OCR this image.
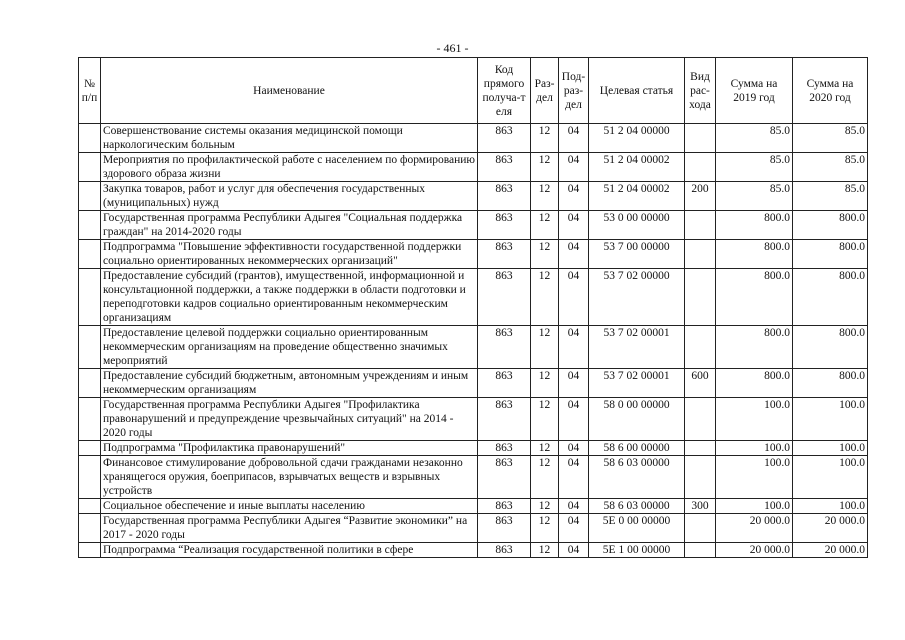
- 461 -
№ п/п	Наименование	Код прямого получа-т еля	Раз- дел	Под- раз- дел	Целевая статья	Вид рас- хода	Сумма на 2019 год	Сумма на 2020 год
	Совершенствование системы оказания медицинской помощи наркологическим больным	863	12	04	51 2 04 00000		85.0	85.0
	Мероприятия по профилактической работе с населением по формированию здорового образа жизни	863	12	04	51 2 04 00002		85.0	85.0
	Закупка товаров, работ и услуг для обеспечения государственных (муниципальных) нужд	863	12	04	51 2 04 00002	200	85.0	85.0
	Государственная программа Республики Адыгея "Социальная поддержка граждан" на 2014-2020 годы	863	12	04	53 0 00 00000		800.0	800.0
	Подпрограмма "Повышение эффективности государственной поддержки социально ориентированных некоммерческих организаций"	863	12	04	53 7 00 00000		800.0	800.0
	Предоставление субсидий (грантов), имущественной, информационной и консультационной поддержки, а также поддержки в области подготовки и переподготовки кадров социально ориентированным некоммерческим организациям	863	12	04	53 7 02 00000		800.0	800.0
	Предоставление целевой поддержки социально ориентированным некоммерческим организациям на проведение общественно значимых мероприятий	863	12	04	53 7 02 00001		800.0	800.0
	Предоставление субсидий бюджетным, автономным учреждениям и иным некоммерческим организациям	863	12	04	53 7 02 00001	600	800.0	800.0
	Государственная программа Республики Адыгея "Профилактика правонарушений и предупреждение чрезвычайных ситуаций" на 2014 - 2020 годы	863	12	04	58 0 00 00000		100.0	100.0
	Подпрограмма "Профилактика правонарушений"	863	12	04	58 6 00 00000		100.0	100.0
	Финансовое стимулирование добровольной сдачи гражданами незаконно хранящегося оружия, боеприпасов, взрывчатых веществ и взрывных устройств	863	12	04	58 6 03 00000		100.0	100.0
	Социальное обеспечение и иные выплаты населению	863	12	04	58 6 03 00000	300	100.0	100.0
	Государственная программа Республики Адыгея “Развитие экономики” на 2017 - 2020 годы	863	12	04	5Е 0 00 00000		20 000.0	20 000.0
	Подпрограмма “Реализация государственной политики в сфере	863	12	04	5Е 1 00 00000		20 000.0	20 000.0
